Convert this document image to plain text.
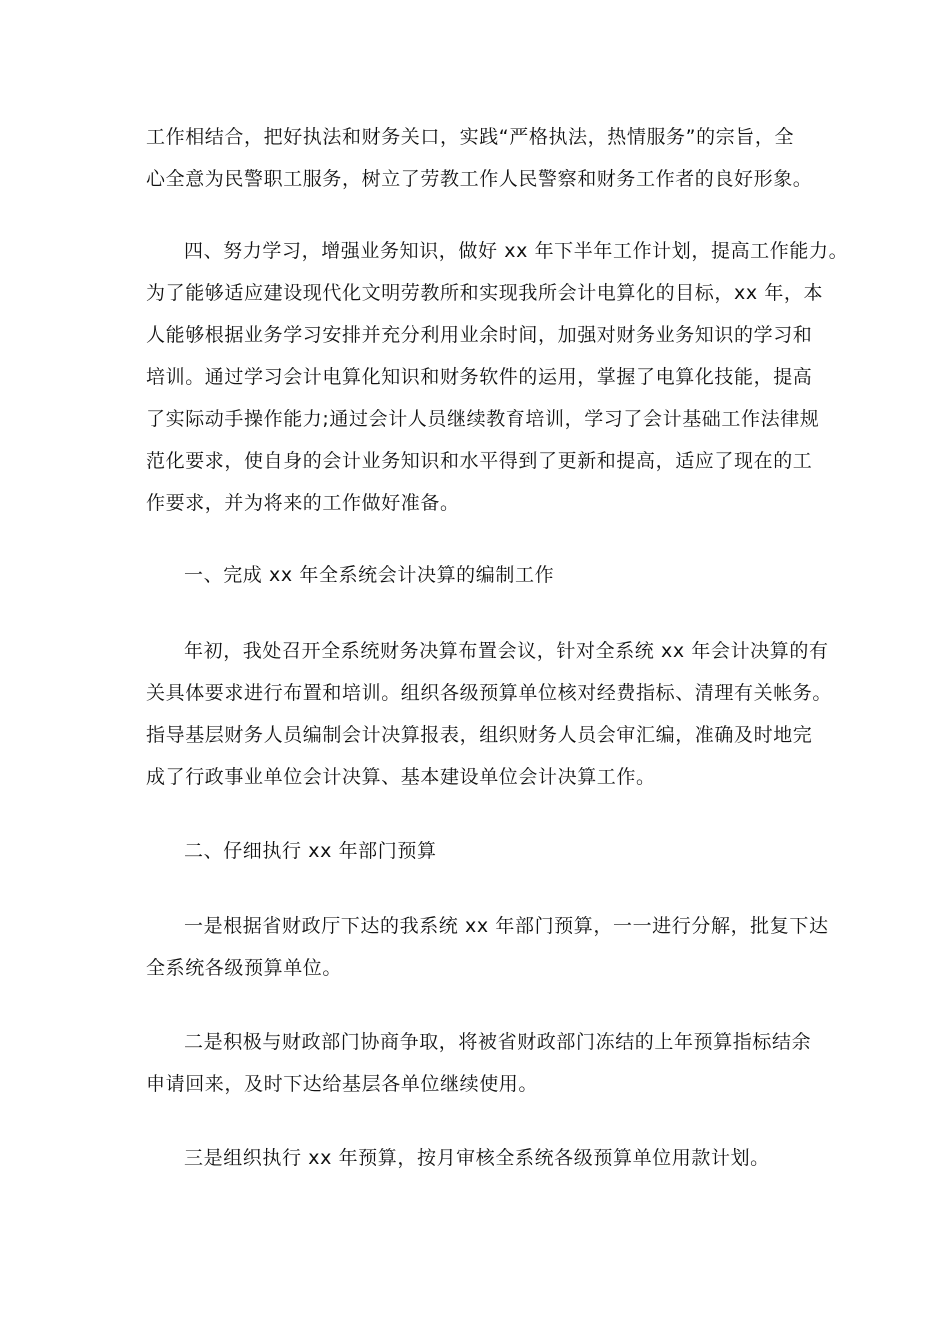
工作相结合，把好执法和财务关口，实践“严格执法，热情服务”的宗旨，全
心全意为民警职工服务，树立了劳教工作人民警察和财务工作者的良好形象。
四、努力学习，增强业务知识，做好 xx 年下半年工作计划，提高工作能力。
为了能够适应建设现代化文明劳教所和实现我所会计电算化的目标，xx 年，本
人能够根据业务学习安排并充分利用业余时间，加强对财务业务知识的学习和
培训。通过学习会计电算化知识和财务软件的运用，掌握了电算化技能，提高
了实际动手操作能力;通过会计人员继续教育培训，学习了会计基础工作法律规
范化要求，使自身的会计业务知识和水平得到了更新和提高，适应了现在的工
作要求，并为将来的工作做好准备。
一、完成 xx 年全系统会计决算的编制工作
年初，我处召开全系统财务决算布置会议，针对全系统 xx 年会计决算的有
关具体要求进行布置和培训。组织各级预算单位核对经费指标、清理有关帐务。
指导基层财务人员编制会计决算报表，组织财务人员会审汇编，准确及时地完
成了行政事业单位会计决算、基本建设单位会计决算工作。
二、仔细执行 xx 年部门预算
一是根据省财政厅下达的我系统 xx 年部门预算，一一进行分解，批复下达
全系统各级预算单位。
二是积极与财政部门协商争取，将被省财政部门冻结的上年预算指标结余
申请回来，及时下达给基层各单位继续使用。
三是组织执行 xx 年预算，按月审核全系统各级预算单位用款计划。
